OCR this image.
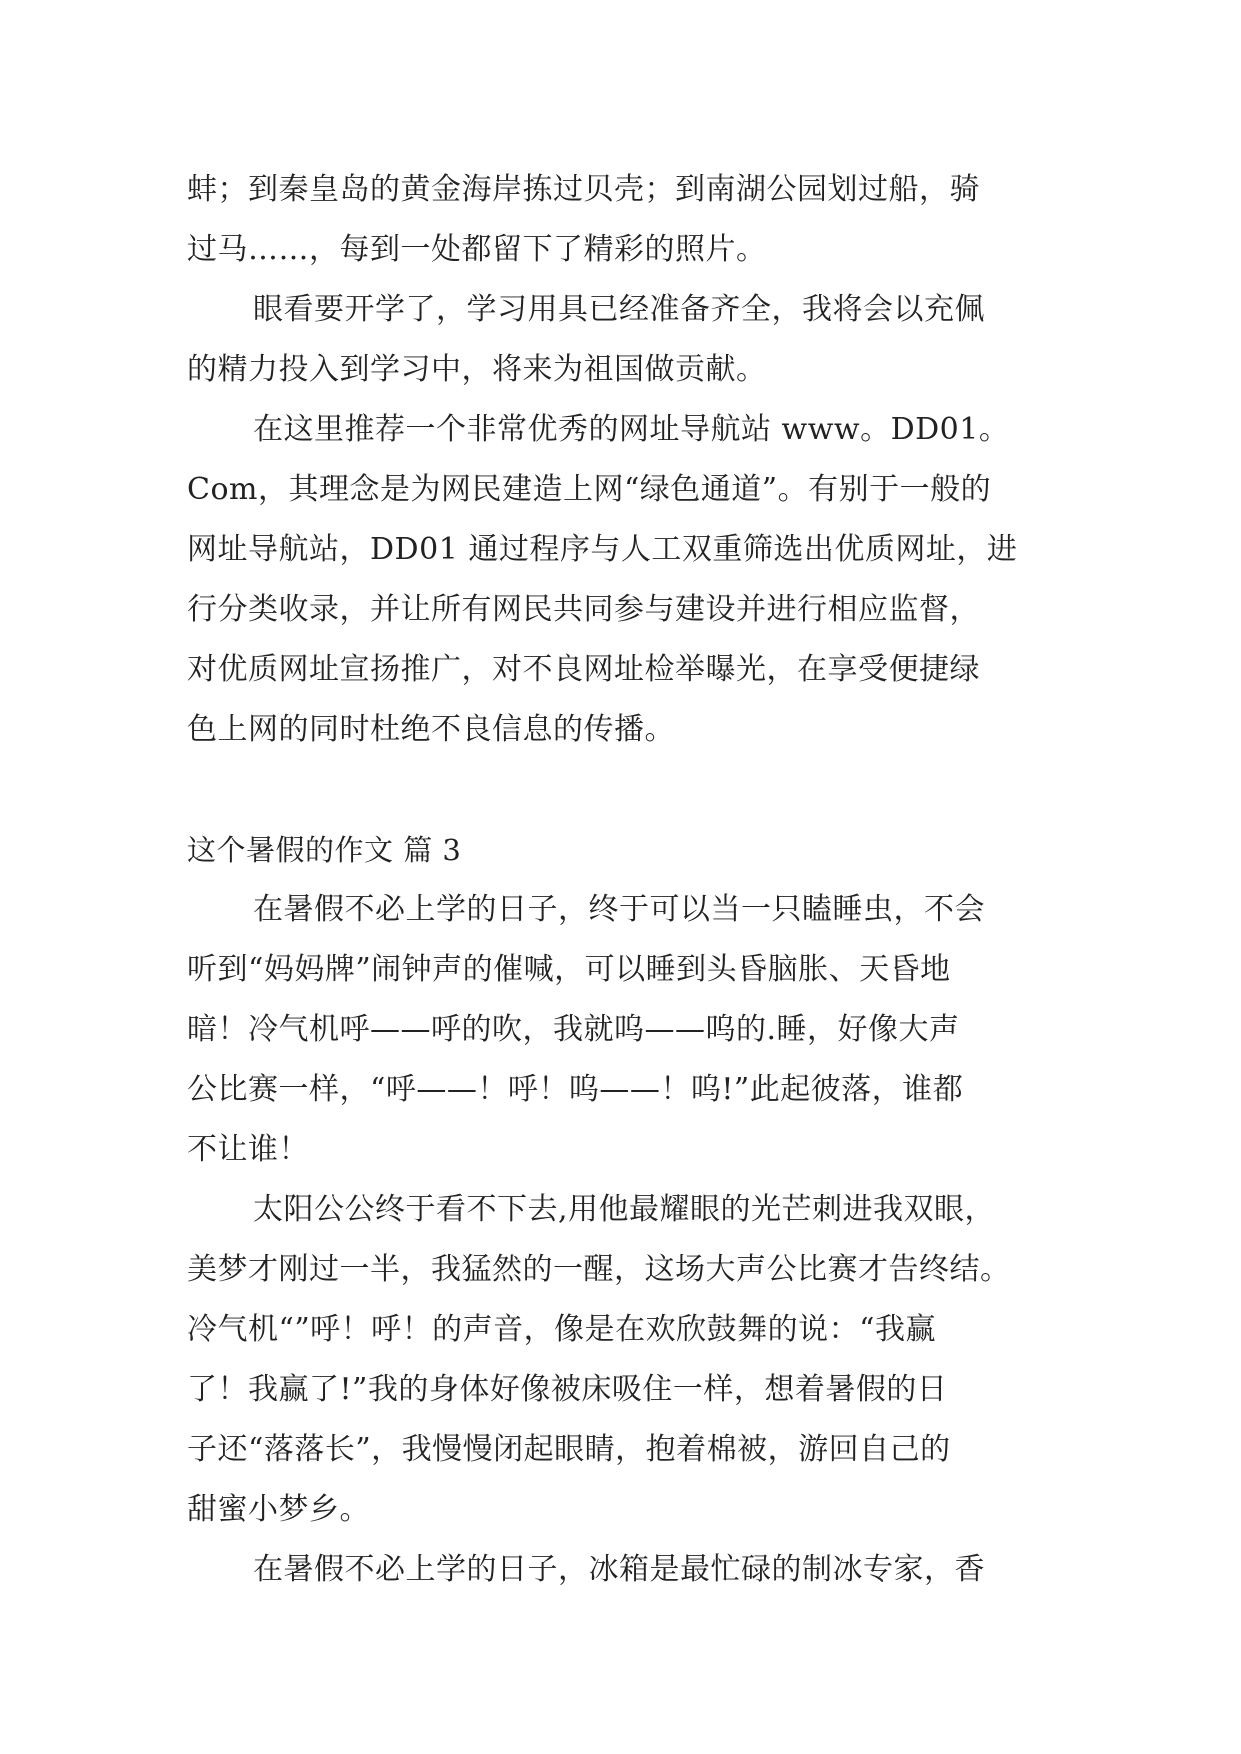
蚌；到秦皇岛的黄金海岸拣过贝壳；到南湖公园划过船，骑
过马……，每到一处都留下了精彩的照片。
眼看要开学了，学习用具已经准备齐全，我将会以充佩
的精力投入到学习中，将来为祖国做贡献。
在这里推荐一个非常优秀的网址导航站 www。DD01。
Com，其理念是为网民建造上网“绿色通道”。有别于一般的
网址导航站，DD01 通过程序与人工双重筛选出优质网址，进
行分类收录，并让所有网民共同参与建设并进行相应监督，
对优质网址宣扬推广，对不良网址检举曝光，在享受便捷绿
色上网的同时杜绝不良信息的传播。
这个暑假的作文 篇 3
在暑假不必上学的日子，终于可以当一只瞌睡虫，不会
听到“妈妈牌”闹钟声的催喊，可以睡到头昏脑胀、天昏地
暗！冷气机呼——呼的吹，我就呜——呜的.睡，好像大声
公比赛一样，“呼——！呼！呜——！呜!”此起彼落，谁都
不让谁！
太阳公公终于看不下去,用他最耀眼的光芒刺进我双眼，
美梦才刚过一半，我猛然的一醒，这场大声公比赛才告终结。
冷气机“”呼！呼！的声音，像是在欢欣鼓舞的说：“我赢
了！我赢了!”我的身体好像被床吸住一样，想着暑假的日
子还“落落长”，我慢慢闭起眼睛，抱着棉被，游回自己的
甜蜜小梦乡。
在暑假不必上学的日子，冰箱是最忙碌的制冰专家，香
